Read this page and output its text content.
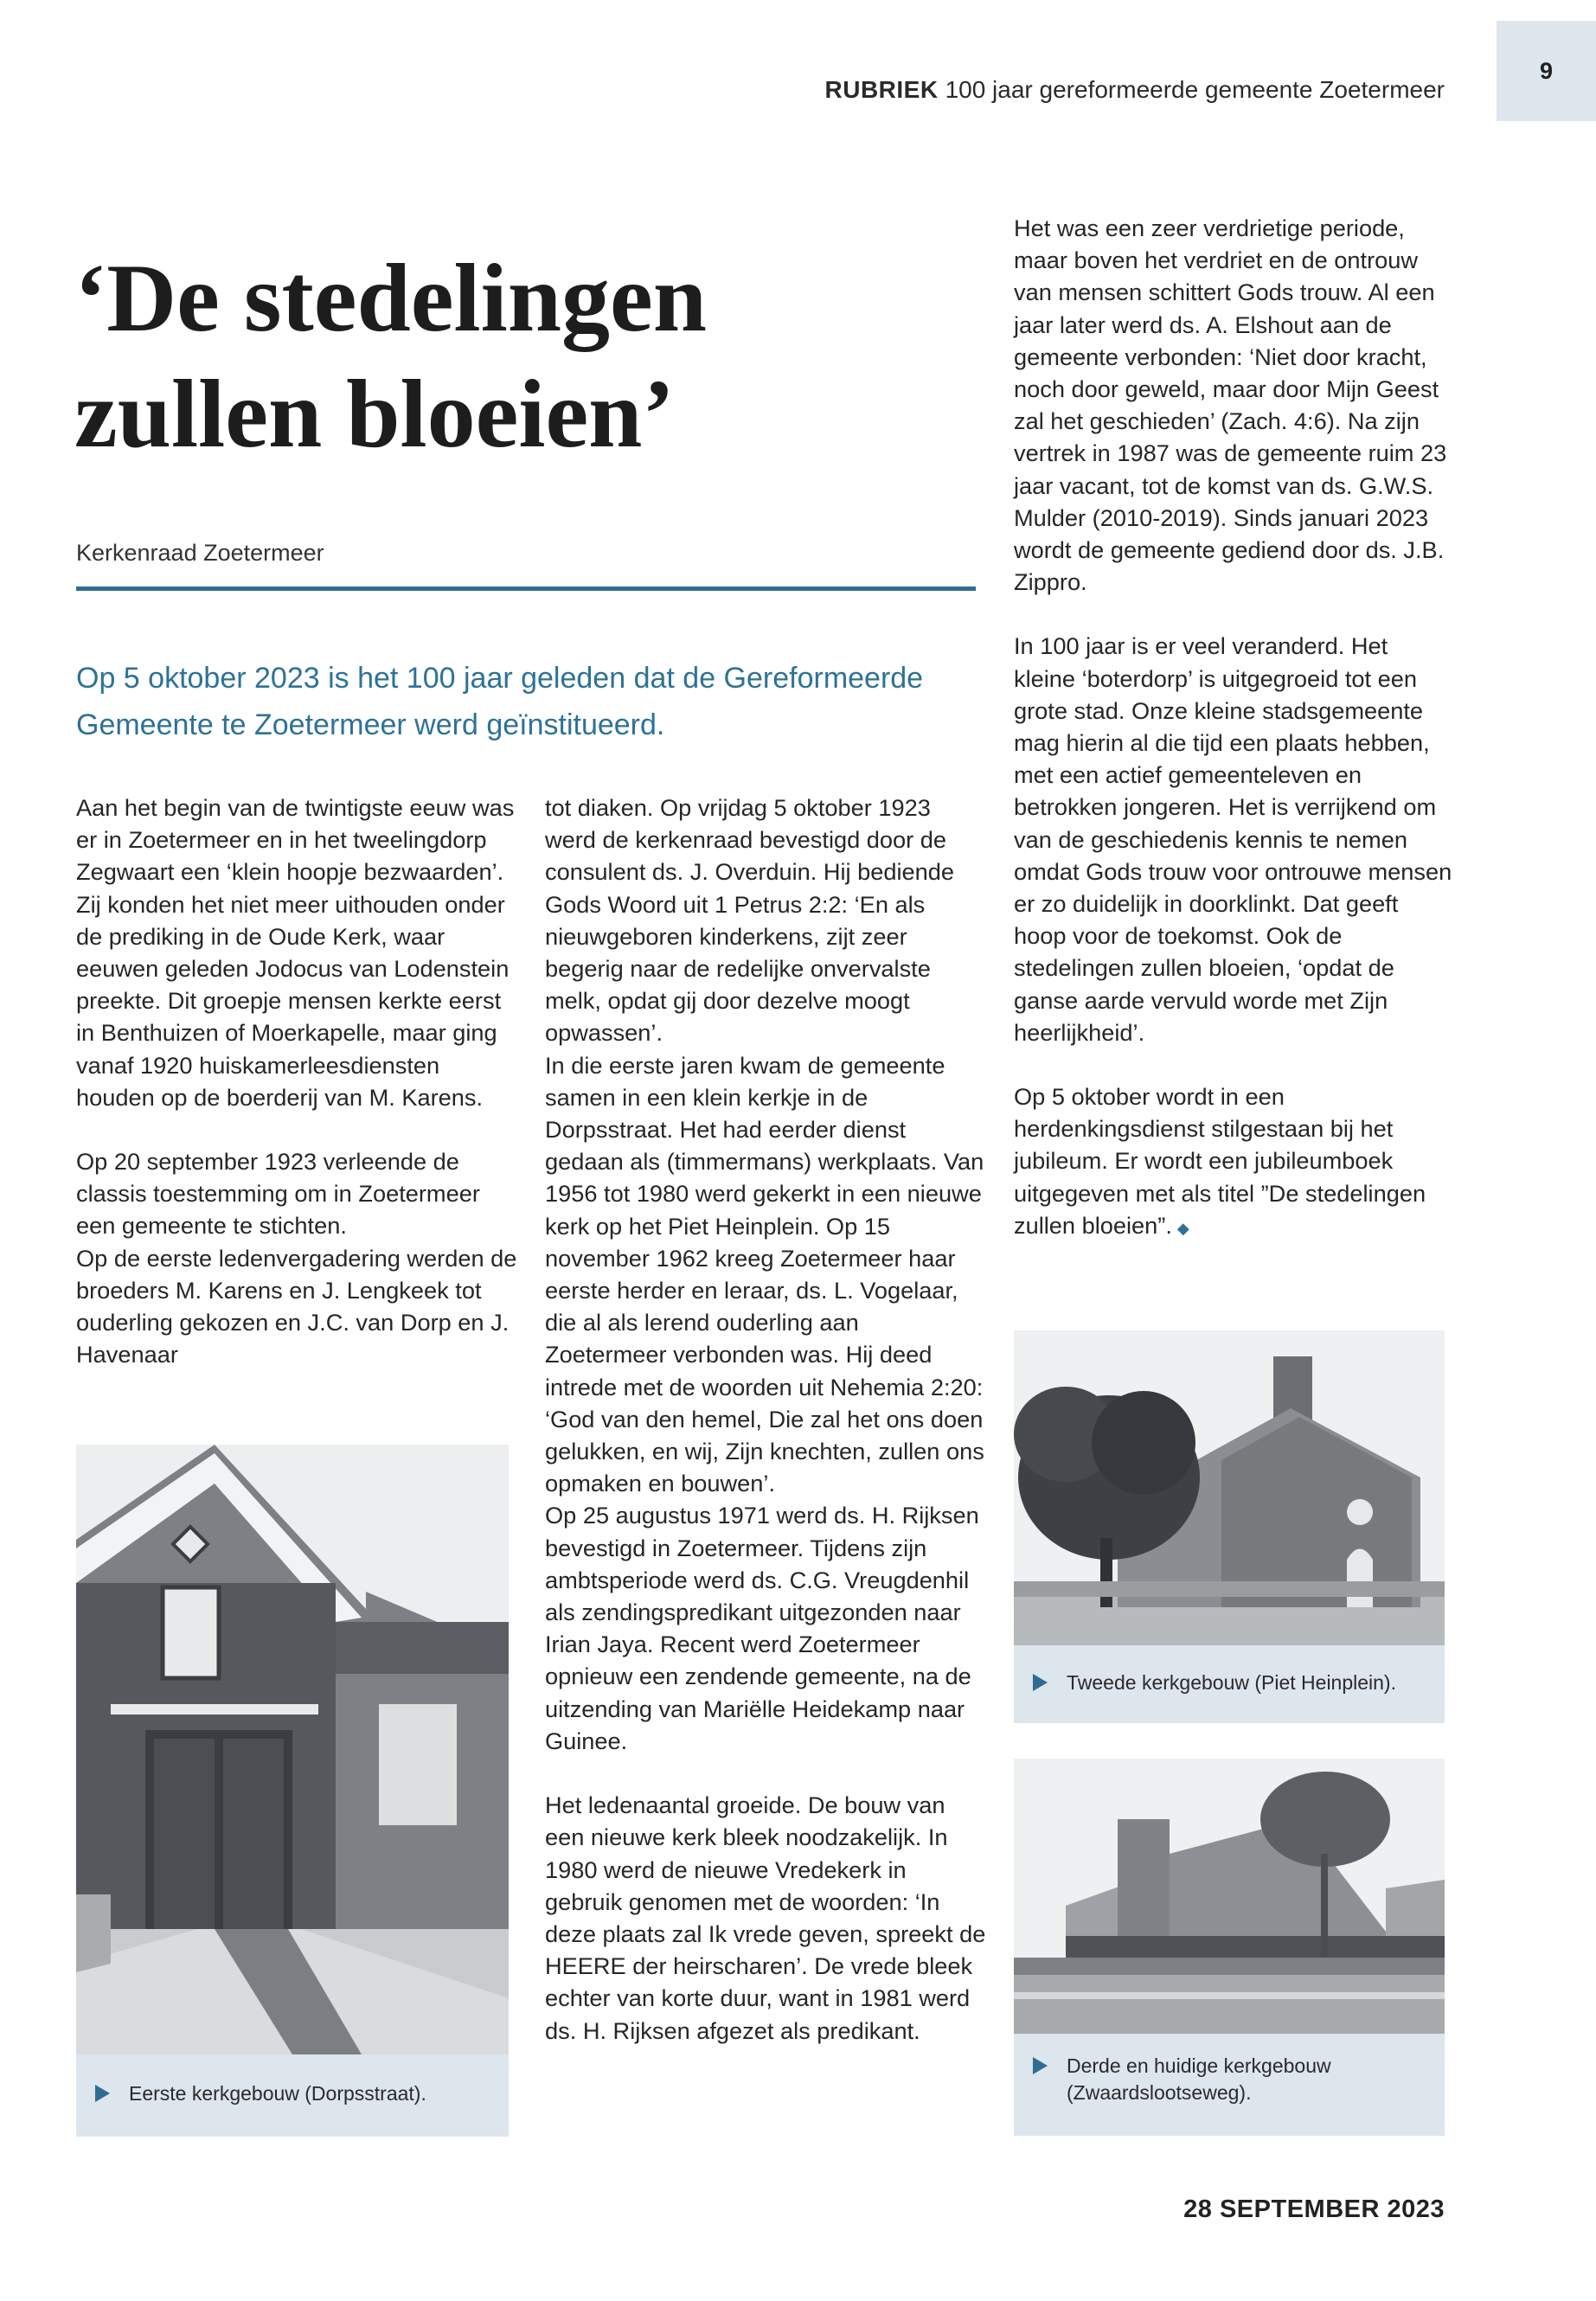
9
RUBRIEK 100 jaar gereformeerde gemeente Zoetermeer
‘De stedelingen
zullen bloeien’
Kerkenraad Zoetermeer

Op 5 oktober 2023 is het 100 jaar geleden dat de Gereformeerde Gemeente te Zoetermeer werd geïnstitueerd.

Aan het begin van de twintigste eeuw was er in Zoetermeer en in het tweelingdorp Zegwaart een ‘klein hoopje bezwaarden’. Zij konden het niet meer uithouden onder de prediking in de Oude Kerk, waar eeuwen geleden Jodocus van Lodenstein preekte. Dit groepje mensen kerkte eerst in Benthuizen of Moerkapelle, maar ging vanaf 1920 huiskamerleesdiensten houden op de boerderij van M. Karens.

Op 20 september 1923 verleende de classis toestemming om in Zoetermeer een gemeente te stichten.

Op de eerste ledenvergadering werden de broeders M. Karens en J. Lengkeek tot ouderling gekozen en J.C. van Dorp en J. Havenaar

tot diaken. Op vrijdag 5 oktober 1923 werd de kerkenraad bevestigd door de consulent ds. J. Overduin. Hij bediende Gods Woord uit 1 Petrus 2:2: ‘En als nieuwgeboren kinderkens, zijt zeer begerig naar de redelijke onvervalste melk, opdat gij door dezelve moogt opwassen’.

In die eerste jaren kwam de gemeente samen in een klein kerkje in de Dorpsstraat. Het had eerder dienst gedaan als (timmermans) werkplaats. Van 1956 tot 1980 werd gekerkt in een nieuwe kerk op het Piet Heinplein. Op 15 november 1962 kreeg Zoetermeer haar eerste herder en leraar, ds. L. Vogelaar, die al als lerend ouderling aan Zoetermeer verbonden was. Hij deed intrede met de woorden uit Nehemia 2:20: ‘God van den hemel, Die zal het ons doen gelukken, en wij, Zijn knechten, zullen ons opmaken en bouwen’.

Op 25 augustus 1971 werd ds. H. Rijksen bevestigd in Zoetermeer. Tijdens zijn ambtsperiode werd ds. C.G. Vreugdenhil als zendingspredikant uitgezonden naar Irian Jaya. Recent werd Zoetermeer opnieuw een zendende gemeente, na de uitzending van Mariëlle Heidekamp naar Guinee.

Het ledenaantal groeide. De bouw van een nieuwe kerk bleek noodzakelijk. In 1980 werd de nieuwe Vredekerk in gebruik genomen met de woorden: ‘In deze plaats zal Ik vrede geven, spreekt de HEERE der heirscharen’. De vrede bleek echter van korte duur, want in 1981 werd ds. H. Rijksen afgezet als predikant.

Het was een zeer verdrietige periode, maar boven het verdriet en de ontrouw van mensen schittert Gods trouw. Al een jaar later werd ds. A. Elshout aan de gemeente verbonden: ‘Niet door kracht, noch door geweld, maar door Mijn Geest zal het geschieden’ (Zach. 4:6). Na zijn vertrek in 1987 was de gemeente ruim 23 jaar vacant, tot de komst van ds. G.W.S. Mulder (2010-2019). Sinds januari 2023 wordt de gemeente gediend door ds. J.B. Zippro.

In 100 jaar is er veel veranderd. Het kleine ‘boterdorp’ is uitgegroeid tot een grote stad. Onze kleine stadsgemeente mag hierin al die tijd een plaats hebben, met een actief gemeenteleven en betrokken jongeren. Het is verrijkend om van de geschiedenis kennis te nemen omdat Gods trouw voor ontrouwe mensen er zo duidelijk in doorklinkt. Dat geeft hoop voor de toekomst. Ook de stedelingen zullen bloeien, ‘opdat de ganse aarde vervuld worde met Zijn heerlijkheid’.

Op 5 oktober wordt in een herdenkingsdienst stilgestaan bij het jubileum. Er wordt een jubileumboek uitgegeven met als titel ”De stedelingen zullen bloeien”. ◆

Eerste kerkgebouw (Dorpsstraat).
Tweede kerkgebouw (Piet Heinplein).
Derde en huidige kerkgebouw (Zwaardslootseweg).
28 SEPTEMBER 2023
